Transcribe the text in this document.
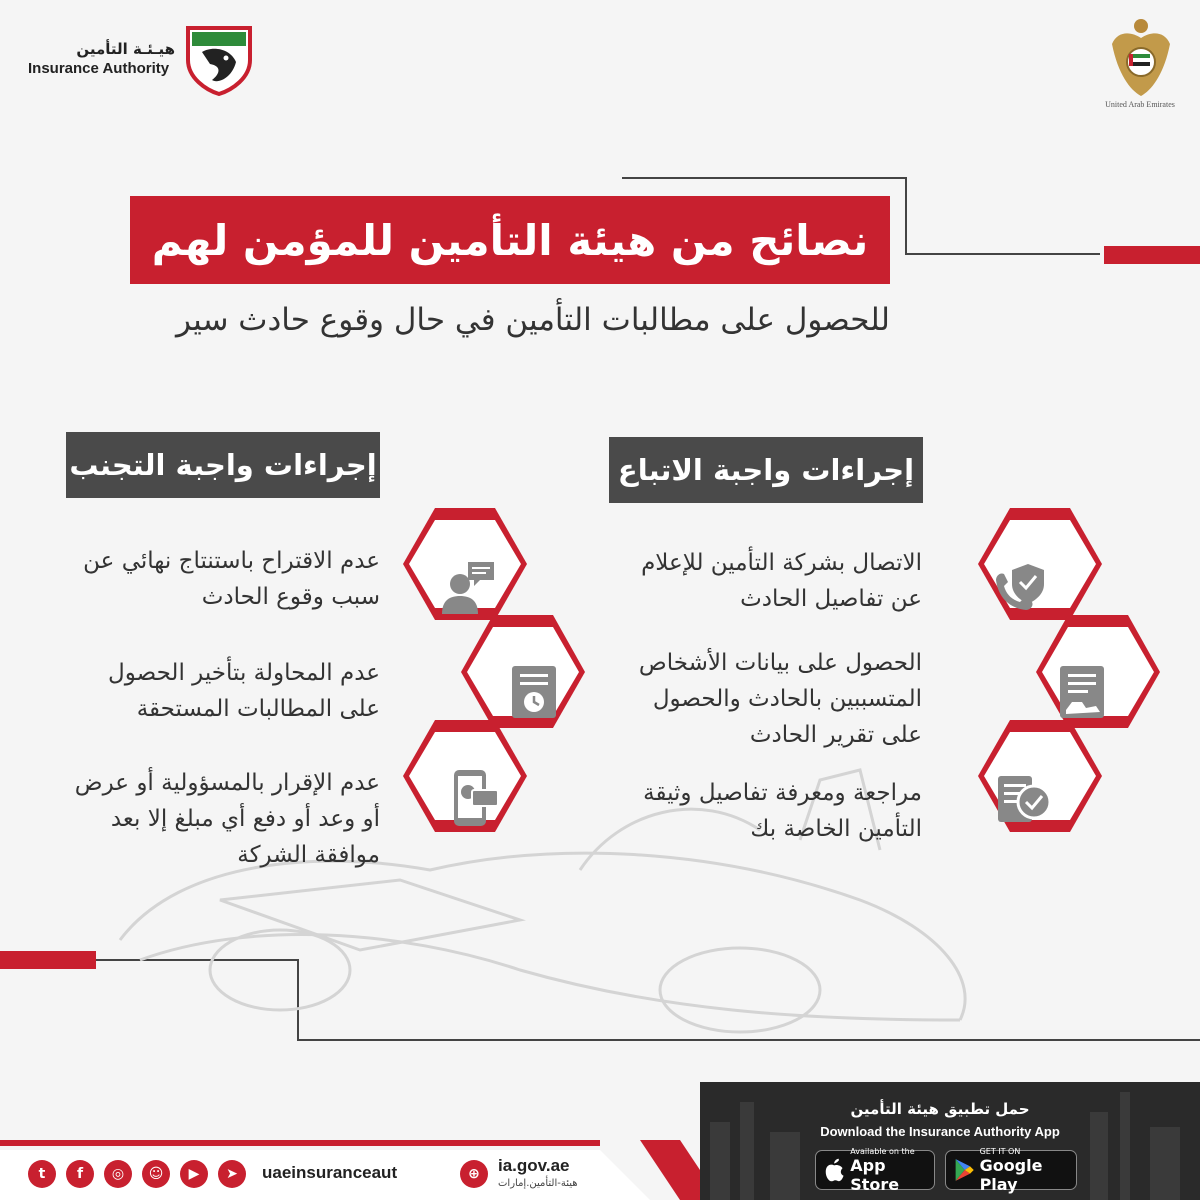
هيـئـة التأمين
Insurance Authority
United Arab Emirates
نصائح من هيئة التأمين للمؤمن لهم
للحصول على مطالبات التأمين في حال وقوع حادث سير
إجراءات واجبة الاتباع
إجراءات واجبة التجنب
الاتصال بشركة التأمين للإعلام عن تفاصيل الحادث
الحصول على بيانات الأشخاص المتسببين بالحادث والحصول على تقرير الحادث
مراجعة ومعرفة تفاصيل وثيقة التأمين الخاصة بك
عدم الاقتراح باستنتاج نهائي عن سبب وقوع الحادث
عدم المحاولة بتأخير الحصول على المطالبات المستحقة
عدم الإقرار بالمسؤولية أو عرض أو وعد أو دفع أي مبلغ إلا بعد موافقة الشركة
حمل تطبيق هيئة التأمين
Download the Insurance Authority App
Available on the
App Store
GET IT ON
Google Play
t	f	◎	☺	▶	➤	uaeinsuranceaut	⊕	ia.gov.ae
هيئة-التأمين.إمارات
